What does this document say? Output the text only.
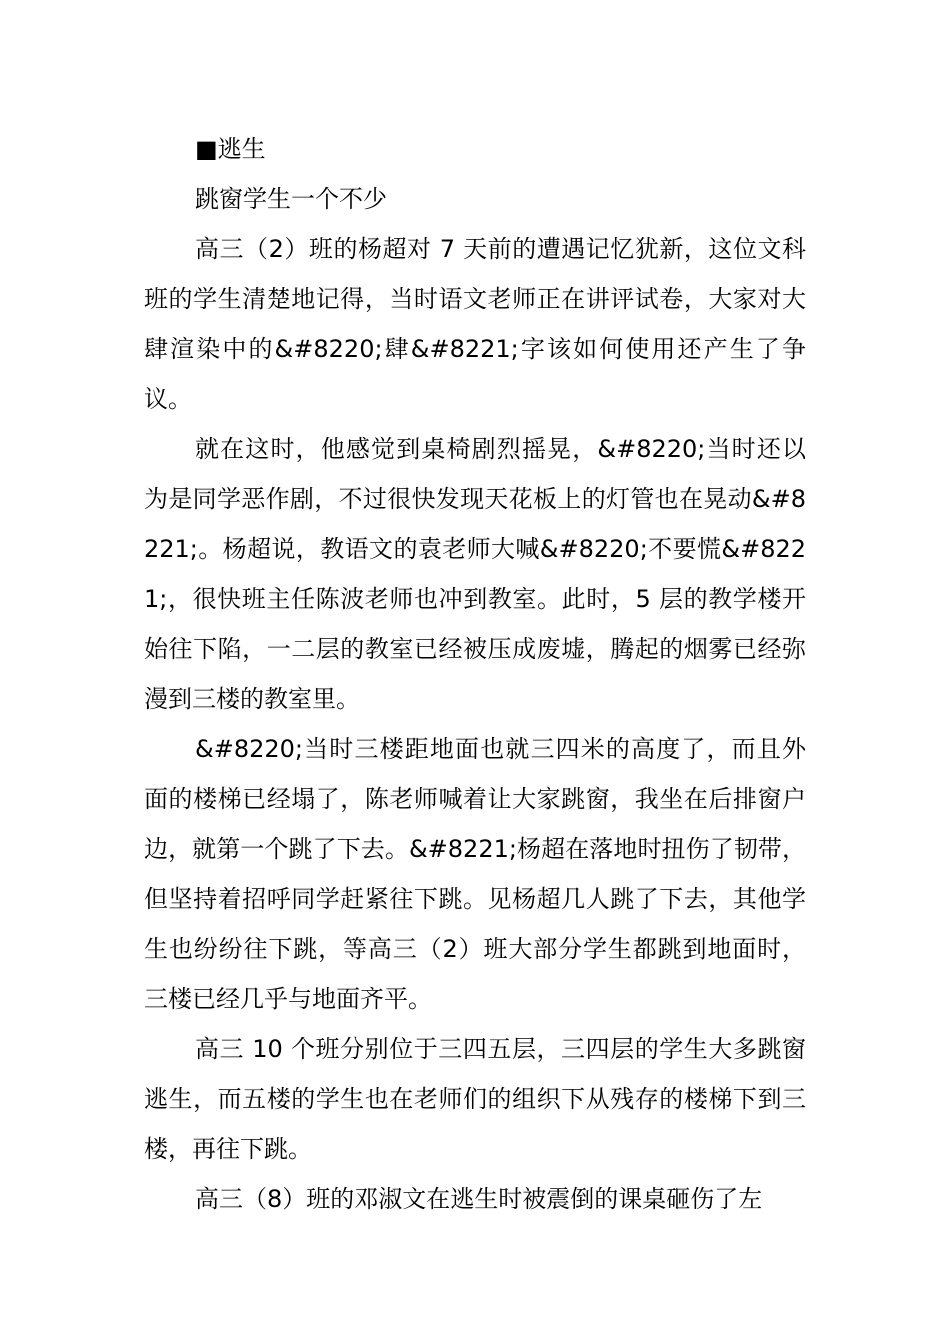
■逃生

跳窗学生一个不少

高三（2）班的杨超对 7 天前的遭遇记忆犹新，这位文科班的学生清楚地记得，当时语文老师正在讲评试卷，大家对大肆渲染中的&#8220;肆&#8221;字该如何使用还产生了争议。

就在这时，他感觉到桌椅剧烈摇晃，&#8220;当时还以为是同学恶作剧，不过很快发现天花板上的灯管也在晃动&#8221;。杨超说，教语文的袁老师大喊&#8220;不要慌&#8221;，很快班主任陈波老师也冲到教室。此时，5 层的教学楼开始往下陷，一二层的教室已经被压成废墟，腾起的烟雾已经弥漫到三楼的教室里。

&#8220;当时三楼距地面也就三四米的高度了，而且外面的楼梯已经塌了，陈老师喊着让大家跳窗，我坐在后排窗户边，就第一个跳了下去。&#8221;杨超在落地时扭伤了韧带，但坚持着招呼同学赶紧往下跳。见杨超几人跳了下去，其他学生也纷纷往下跳，等高三（2）班大部分学生都跳到地面时，三楼已经几乎与地面齐平。

高三 10 个班分别位于三四五层，三四层的学生大多跳窗逃生，而五楼的学生也在老师们的组织下从残存的楼梯下到三楼，再往下跳。

高三（8）班的邓淑文在逃生时被震倒的课桌砸伤了左
